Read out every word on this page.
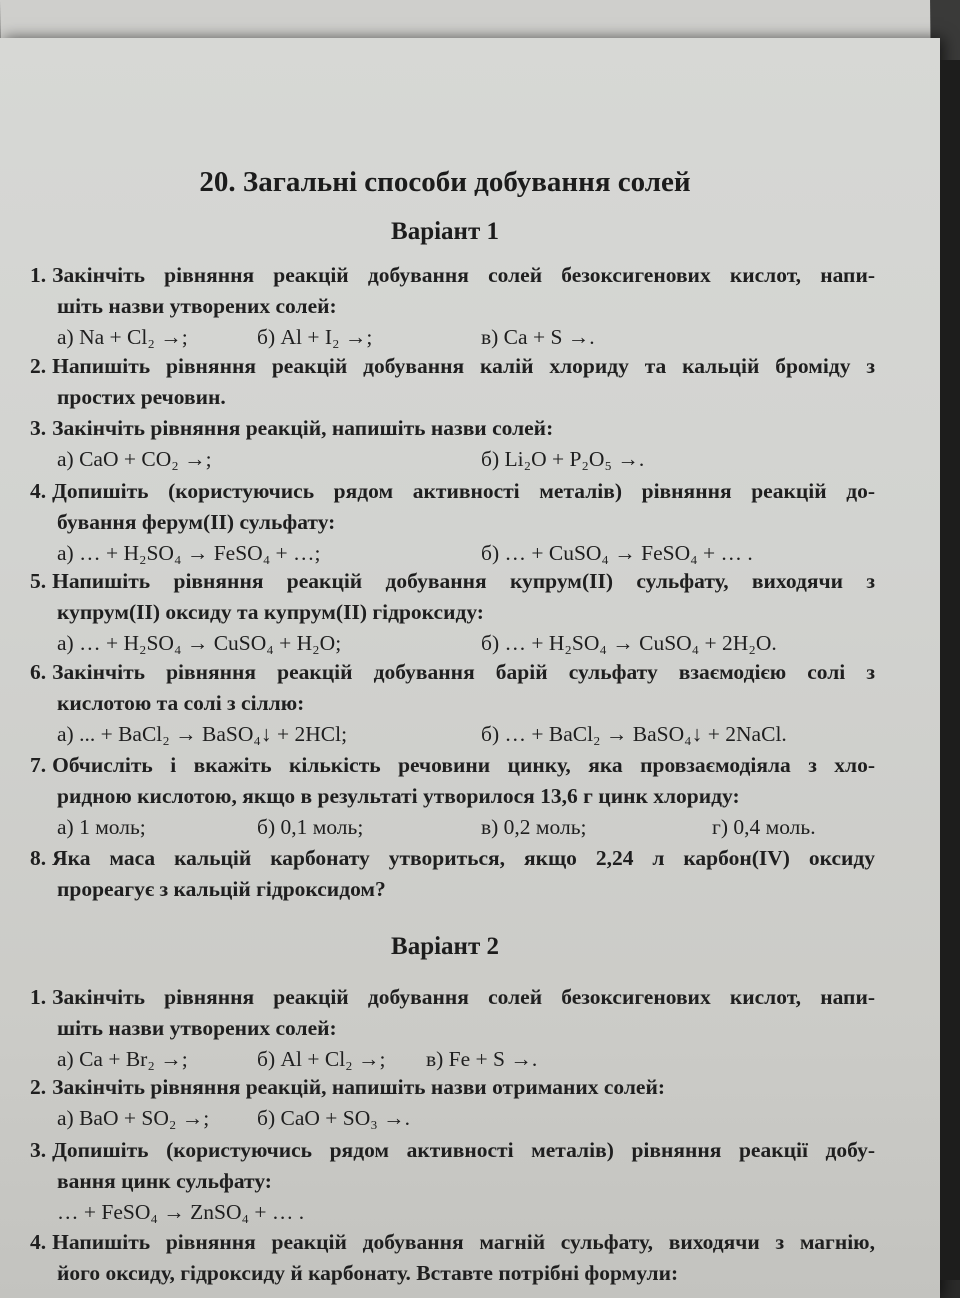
20. Загальні способи добування солей
Варіант 1
1. Закінчіть рівняння реакцій добування солей безоксигенових кислот, напи-
шіть назви утворених солей:
а) Na + Cl₂ →;	б) Al + I₂ →;	в) Ca + S →.
2. Напишіть рівняння реакцій добування калій хлориду та кальцій броміду з
простих речовин.
3. Закінчіть рівняння реакцій, напишіть назви солей:
а) CaO + CO₂ →;	б) Li₂O + P₂O₅ →.
4. Допишіть (користуючись рядом активності металів) рівняння реакцій до-
бування ферум(II) сульфату:
а) … + H₂SO₄ → FeSO₄ + …;	б) … + CuSO₄ → FeSO₄ + … .
5. Напишіть рівняння реакцій добування купрум(II) сульфату, виходячи з
купрум(II) оксиду та купрум(II) гідроксиду:
а) … + H₂SO₄ → CuSO₄ + H₂O;	б) … + H₂SO₄ → CuSO₄ + 2H₂O.
6. Закінчіть рівняння реакцій добування барій сульфату взаємодією солі з
кислотою та солі з сіллю:
а) ... + BaCl₂ → BaSO₄↓ + 2HCl;	б) … + BaCl₂ → BaSO₄↓ + 2NaCl.
7. Обчисліть і вкажіть кількість речовини цинку, яка провзаємодіяла з хло-
ридною кислотою, якщо в результаті утворилося 13,6 г цинк хлориду:
а) 1 моль;	б) 0,1 моль;	в) 0,2 моль;	г) 0,4 моль.
8. Яка маса кальцій карбонату утвориться, якщо 2,24 л карбон(IV) оксиду
прореагує з кальцій гідроксидом?
Варіант 2
1. Закінчіть рівняння реакцій добування солей безоксигенових кислот, напи-
шіть назви утворених солей:
а) Ca + Br₂ →;	б) Al + Cl₂ →; в) Fe + S →.
2. Закінчіть рівняння реакцій, напишіть назви отриманих солей:
а) BaO + SO₂ →; б) CaO + SO₃ →.
3. Допишіть (користуючись рядом активності металів) рівняння реакції добу-
вання цинк сульфату:
… + FeSO₄ → ZnSO₄ + … .
4. Напишіть рівняння реакцій добування магній сульфату, виходячи з магнію,
його оксиду, гідроксиду й карбонату. Вставте потрібні формули:
